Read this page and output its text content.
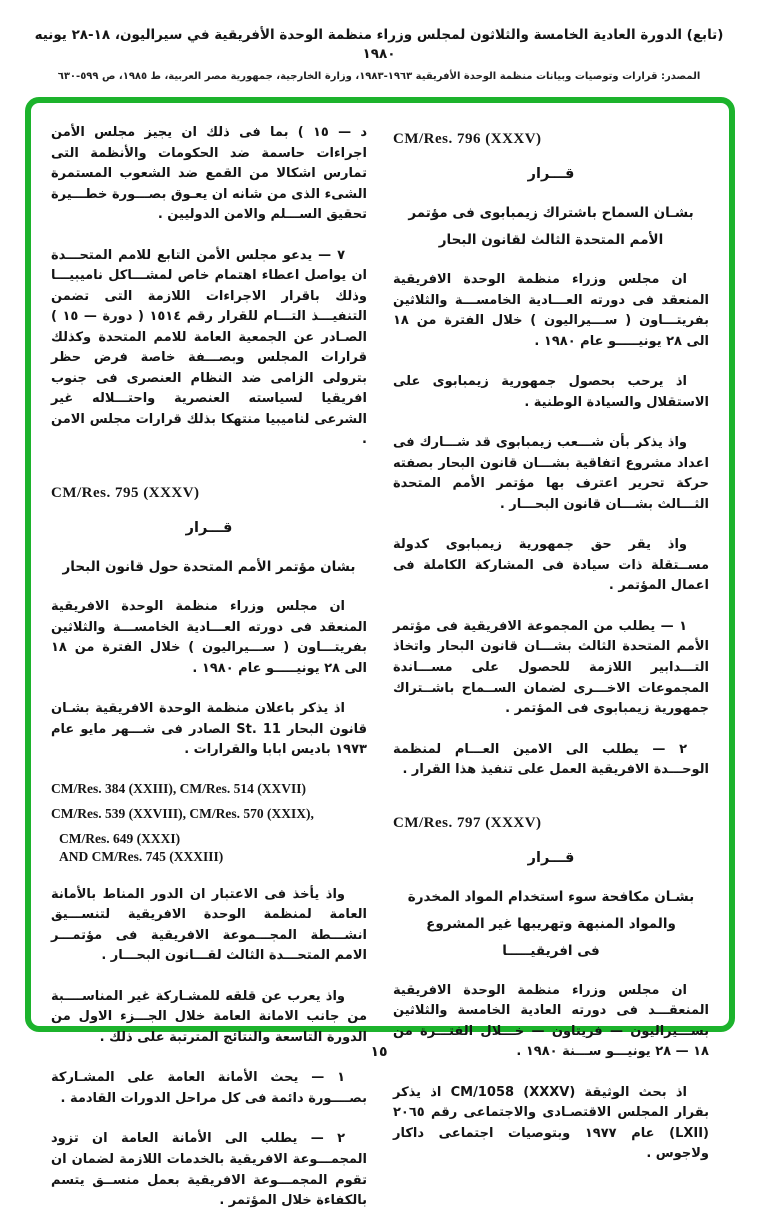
(تابع) الدورة العادية الخامسة والثلاثون لمجلس وزراء منظمة الوحدة الأفريقية في سيراليون، ١٨-٢٨ يونيه ١٩٨٠
المصدر: قرارات وتوصيات وبيانات منظمة الوحدة الأفريقية ١٩٦٣-١٩٨٣، وزارة الخارجية، جمهورية مصر العربية، ط ١٩٨٥، ص ٥٩٩-٦٣٠

د — ١٥ ) بما فى ذلك ان يجيز مجلس الأمن اجراءات حاسمة ضد الحكومات والأنظمة التى تمارس اشكالا من القمع ضد الشعوب المستمرة الشىء الذى من شانه ان يعـوق بصـــورة خطـــيرة تحقيق الســـلم والامن الدوليين .

٧ — يدعو مجلس الأمن التابع للامم المتحـــدة ان يواصل اعطاء اهتمام خاص لمشـــاكل ناميبيـــا وذلك باقرار الاجراءات اللازمة التى تضمن التنفيـــذ التـــام للقرار رقم ١٥١٤ ( دورة — ١٥ ) الصـادر عن الجمعية العامة للامم المتحدة وكذلك قرارات المجلس وبصـــفة خاصة فرض حظر بترولى الزامى ضد النظام العنصرى فى جنوب افريقيا لسياسته العنصرية واحتـــلاله غير الشرعى لناميبيا منتهكا بذلك قرارات مجلس الامن .

CM/Res. 795 (XXXV)

قـــرار

بشان مؤتمر الأمم المتحدة حول قانون البحار

ان مجلس وزراء منظمة الوحدة الافريقية المنعقد فى دورته العـــادية الخامســـة والثلاثين بفريتـــاون ( ســـيراليون ) خلال الفترة من ١٨ الى ٢٨ يونيـــــو عام ١٩٨٠ .

اذ يذكر باعلان منظمة الوحدة الافريقية بشـان قانون البحار St. 11 الصادر فى شـــهر مايو عام ١٩٧٣ باديس ابابا والقرارات .

CM/Res. 384 (XXIII), CM/Res. 514 (XXVII)
CM/Res. 539 (XXVIII), CM/Res. 570 (XXIX),
CM/Res. 649 (XXXI)
AND CM/Res. 745 (XXXIII)

واذ يأخذ فى الاعتبار ان الدور المناط بالأمانة العامة لمنظمة الوحدة الافريقية لتنســـيق انشـــطة المجـــموعة الافريقية فى مؤتمـــر الامم المتحـــدة الثالث لقـــانون البحـــار .

واذ يعرب عن قلقه للمشـاركة غير المناســــبة من جانب الامانة العامة خلال الجـــزء الاول من الدورة التاسعة والنتائج المترتبة على ذلك .

١ — يحث الأمانة العامة على المشـاركة بصــــورة دائمة فى كل مراحل الدورات القادمة .

٢ — يطلب الى الأمانة العامة ان تزود المجمـــوعة الافريقية بالخدمات اللازمة لضمان ان تقوم المجمـــوعة الافريقية بعمل منســق يتسم بالكفاءة خلال المؤتمر .

CM/Res. 796 (XXXV)

قـــرار

بشـان السماح باشتراك زيمبابوى فى مؤتمر
الأمم المتحدة الثالث لقانون البحار

ان مجلس وزراء منظمة الوحدة الافريقية المنعقد فى دورته العـــادية الخامســـة والثلاثين بفريتـــاون ( ســـيراليون ) خلال الفترة من ١٨ الى ٢٨ يونيـــــو عام ١٩٨٠ .

اذ يرحب بحصول جمهورية زيمبابوى على الاستقلال والسيادة الوطنية .

واذ يذكر بأن شـــعب زيمبابوى قد شـــارك فى اعداد مشروع اتفاقية بشـــان قانون البحار بصفته حركة تحرير اعترف بها مؤتمر الأمم المتحدة الثـــالث بشـــان قانون البحـــار .

واذ يقر حق جمهورية زيمبابوى كدولة مســتقلة ذات سيادة فى المشاركة الكاملة فى اعمال المؤتمر .

١ — يطلب من المجموعة الافريقية فى مؤتمر الأمم المتحدة الثالث بشـــان قانون البحار واتخاذ التـــدابير اللازمة للحصول على مســـاندة المجموعات الاخـــرى لضمان الســماح باشــتراك جمهورية زيمبابوى فى المؤتمر .

٢ — يطلب الى الامين العـــام لمنظمة الوحـــدة الافريقية العمل على تنفيذ هذا القرار .

CM/Res. 797 (XXXV)

قـــرار

بشـان مكافحة سوء استخدام المواد المخدرة
والمواد المنبهة وتهريبها غير المشروع
فى افريقيـــــا

ان مجلس وزراء منظمة الوحدة الافريقية المنعقـــد فى دورته العادية الخامسة والثلاثين بســـيراليون — فريتاون — خـــلال الفتـــرة من ١٨ — ٢٨ يونيـــو ســـنة ١٩٨٠ .

اذ بحث الوثيقة CM/1058 (XXXV) اذ يذكر بقرار المجلس الاقتصـادى والاجتماعى رقم ٢٠٦٥ (LXII) عام ١٩٧٧ وبتوصيات اجتماعى داكار ولاجوس .

١٥
